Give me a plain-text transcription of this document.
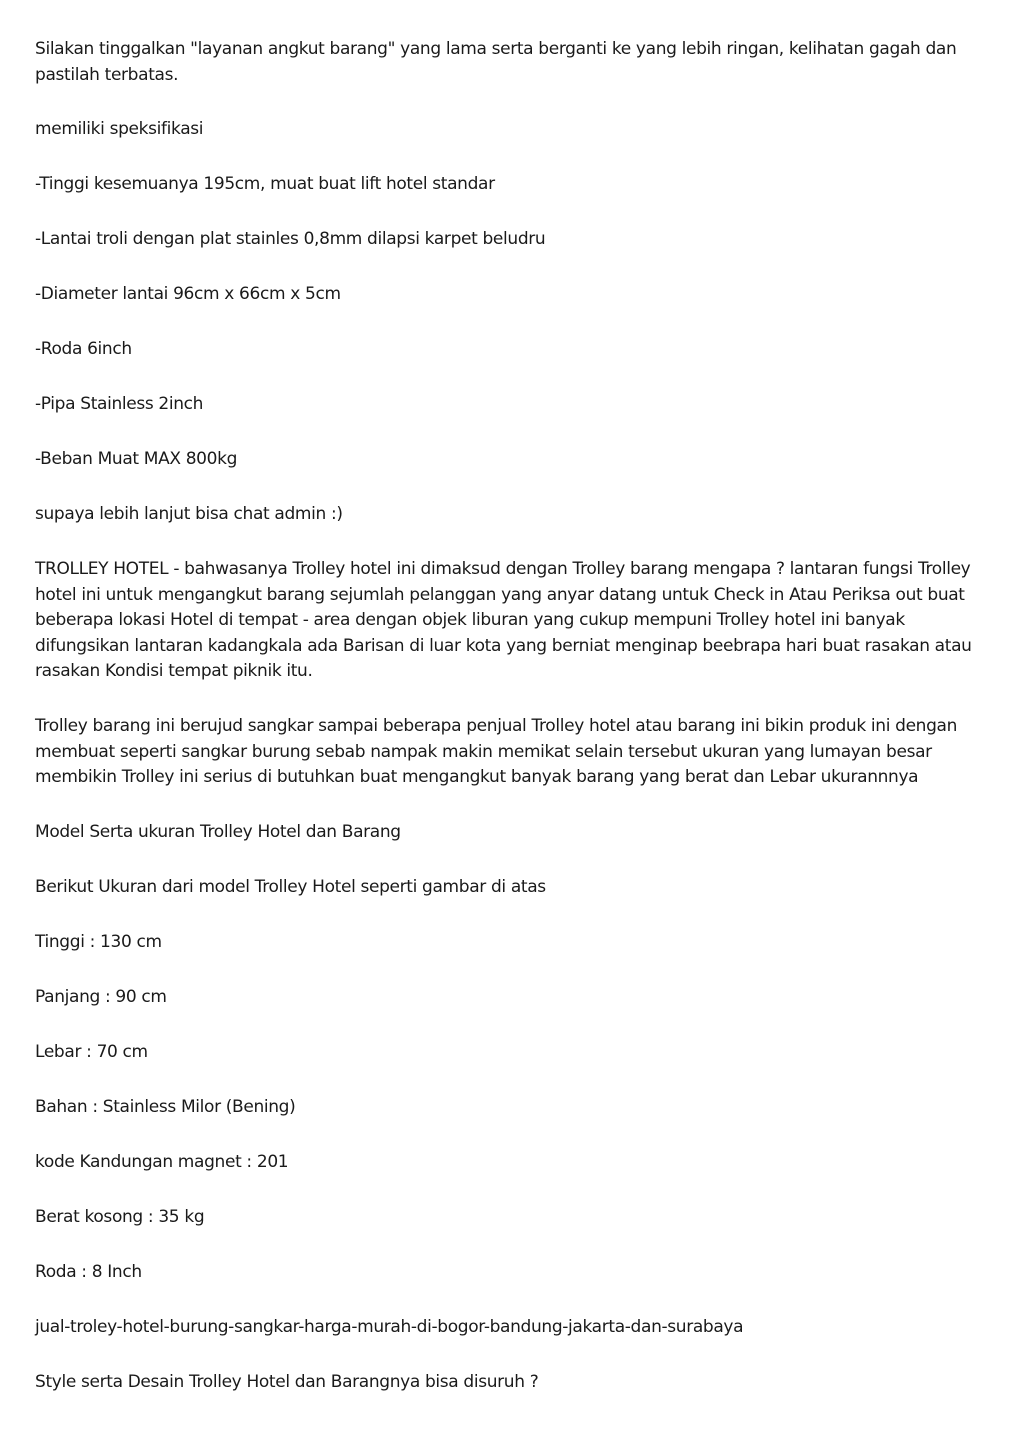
Silakan tinggalkan "layanan angkut barang" yang lama serta berganti ke yang lebih ringan, kelihatan gagah dan pastilah terbatas.

memiliki speksifikasi

-Tinggi kesemuanya 195cm, muat buat lift hotel standar

-Lantai troli dengan plat stainles 0,8mm dilapsi karpet beludru

-Diameter lantai 96cm x 66cm x 5cm

-Roda 6inch

-Pipa Stainless 2inch

-Beban Muat MAX 800kg

supaya lebih lanjut bisa chat admin :)

TROLLEY HOTEL - bahwasanya Trolley hotel ini dimaksud dengan Trolley barang mengapa ? lantaran fungsi Trolley hotel ini untuk mengangkut barang sejumlah pelanggan yang anyar datang untuk Check in Atau Periksa out buat beberapa lokasi Hotel di tempat - area dengan objek liburan yang cukup mempuni Trolley hotel ini banyak difungsikan lantaran kadangkala ada Barisan di luar kota yang berniat menginap beebrapa hari buat rasakan atau rasakan Kondisi tempat piknik itu.

Trolley barang ini berujud sangkar sampai beberapa penjual Trolley hotel atau barang ini bikin produk ini dengan membuat seperti sangkar burung sebab nampak makin memikat selain tersebut ukuran yang lumayan besar membikin Trolley ini serius di butuhkan buat mengangkut banyak barang yang berat dan Lebar ukurannnya

Model Serta ukuran Trolley Hotel dan Barang

Berikut Ukuran dari model Trolley Hotel seperti gambar di atas

Tinggi : 130 cm

Panjang : 90 cm

Lebar : 70 cm

Bahan : Stainless Milor (Bening)

kode Kandungan magnet : 201

Berat kosong : 35 kg

Roda : 8 Inch

jual-troley-hotel-burung-sangkar-harga-murah-di-bogor-bandung-jakarta-dan-surabaya

Style serta Desain Trolley Hotel dan Barangnya bisa disuruh ?
